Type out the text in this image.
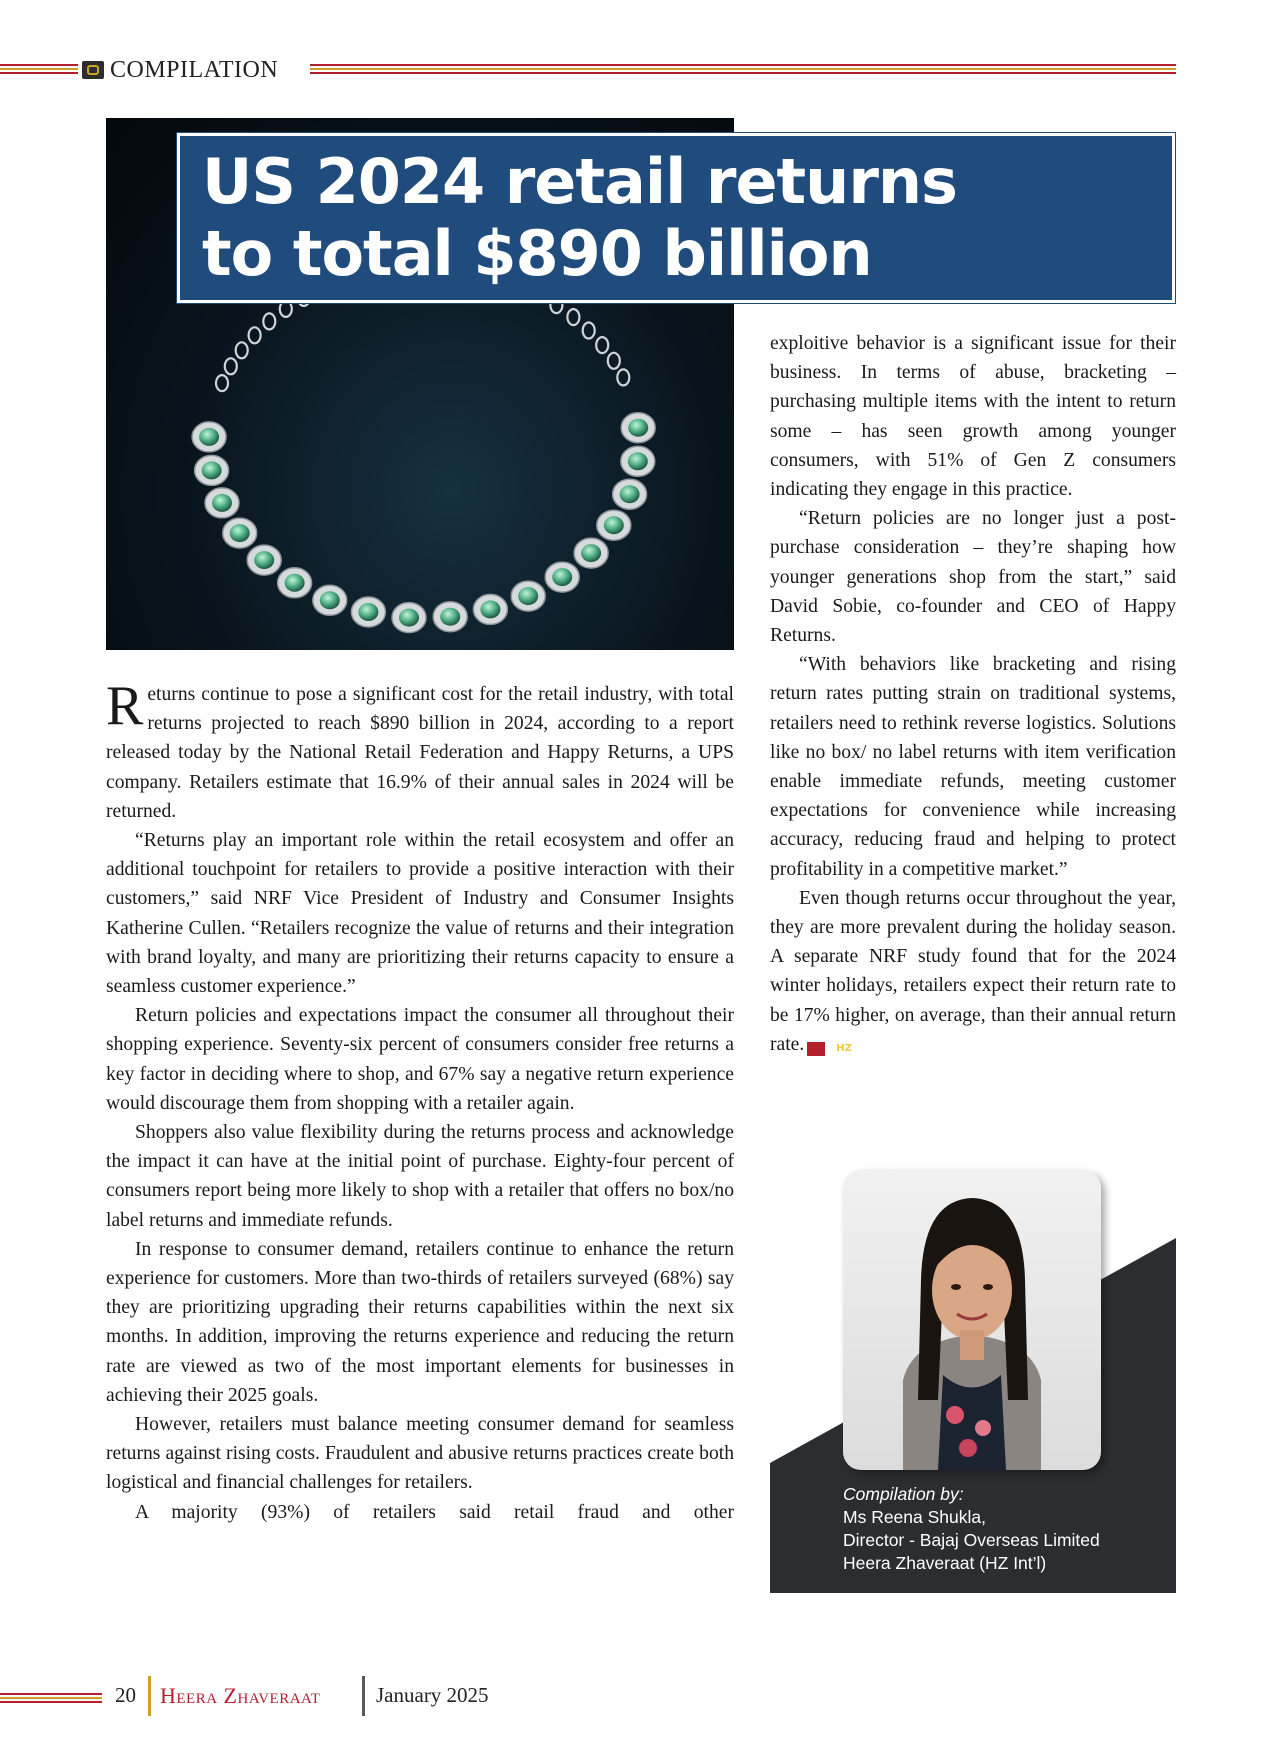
COMPILATION
US 2024 retail returns
to total $890 billion

Returns continue to pose a significant cost for the retail industry, with total returns projected to reach $890 billion in 2024, according to a report released today by the National Retail Federation and Happy Returns, a UPS company. Retailers estimate that 16.9% of their annual sales in 2024 will be returned.

“Returns play an important role within the retail ecosystem and offer an additional touchpoint for retailers to provide a positive interaction with their customers,” said NRF Vice President of Industry and Consumer Insights Katherine Cullen. “Retailers recognize the value of returns and their integration with brand loyalty, and many are prioritizing their returns capacity to ensure a seamless customer experience.”

Return policies and expectations impact the consumer all throughout their shopping experience. Seventy-six percent of consumers consider free returns a key factor in deciding where to shop, and 67% say a negative return experience would discourage them from shopping with a retailer again.

Shoppers also value flexibility during the returns process and acknowledge the impact it can have at the initial point of purchase. Eighty-four percent of consumers report being more likely to shop with a retailer that offers no box/no label returns and immediate refunds.

In response to consumer demand, retailers continue to enhance the return experience for customers. More than two-thirds of retailers surveyed (68%) say they are prioritizing upgrading their returns capabilities within the next six months. In addition, improving the returns experience and reducing the return rate are viewed as two of the most important elements for businesses in achieving their 2025 goals.

However, retailers must balance meeting consumer demand for seamless returns against rising costs. Fraudulent and abusive returns practices create both logistical and financial challenges for retailers.

A majority (93%) of retailers said retail fraud and other

exploitive behavior is a significant issue for their business. In terms of abuse, bracketing – purchasing multiple items with the intent to return some – has seen growth among younger consumers, with 51% of Gen Z consumers indicating they engage in this practice.

“Return policies are no longer just a post-purchase consideration – they’re shaping how younger generations shop from the start,” said David Sobie, co-founder and CEO of Happy Returns.

“With behaviors like bracketing and rising return rates putting strain on traditional systems, retailers need to rethink reverse logistics. Solutions like no box/ no label returns with item verification enable immediate refunds, meeting customer expectations for convenience while increasing accuracy, reducing fraud and helping to protect profitability in a competitive market.”

Even though returns occur throughout the year, they are more prevalent during the holiday season. A separate NRF study found that for the 2024 winter holidays, retailers expect their return rate to be 17% higher, on average, than their annual return rate.	HZ

Compilation by:
Ms Reena Shukla,
Director - Bajaj Overseas Limited
Heera Zhaveraat (HZ Int’l)
20 Heera Zhaveraat	January 2025
